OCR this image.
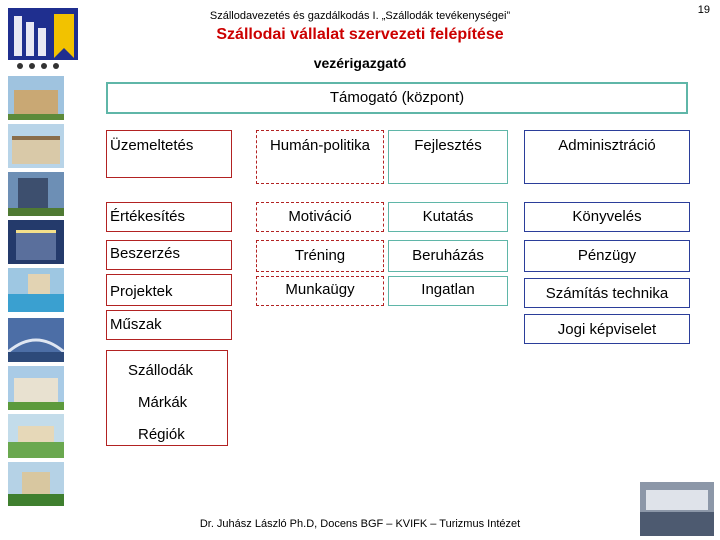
Szállodavezetés és gazdálkodás I. „Szállodák tevékenységei”	19
Szállodai vállalat szervezeti felépítése
vezérigazgató
Támogató (központ)
Üzemeltetés	Humán-politika	Fejlesztés	Adminisztráció
Értékesítés
Beszerzés
Projektek
Műszak
Szállodák
Márkák
Régiók
Motiváció
Tréning
Munkaügy
Kutatás
Beruházás
Ingatlan
Könyvelés
Pénzügy
Számítás technika
Jogi képviselet
Dr. Juhász László Ph.D, Docens BGF – KVIFK – Turizmus Intézet
